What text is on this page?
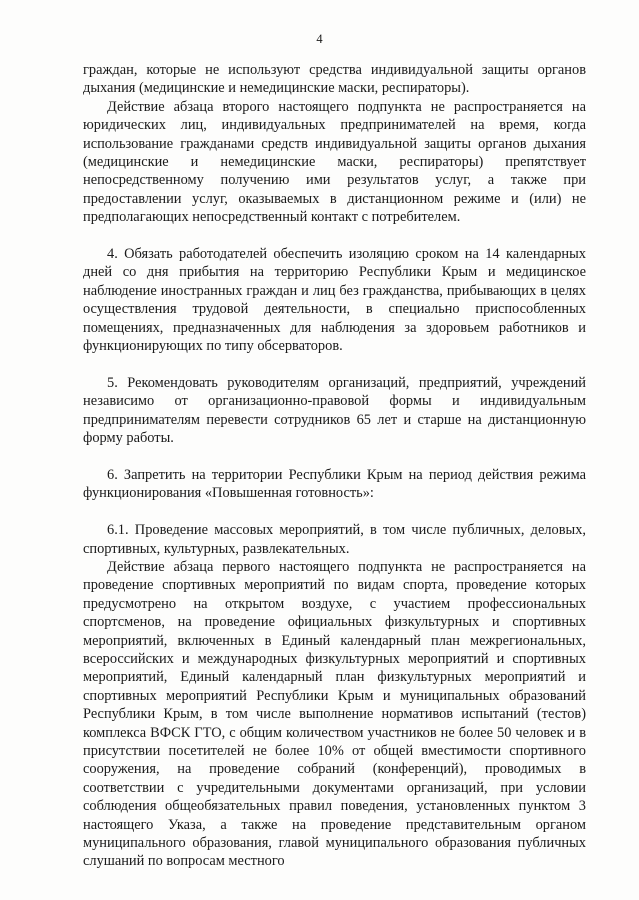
4

граждан, которые не используют средства индивидуальной защиты органов дыхания (медицинские и немедицинские маски, респираторы).

Действие абзаца второго настоящего подпункта не распространяется на юридических лиц, индивидуальных предпринимателей на время, когда использование гражданами средств индивидуальной защиты органов дыхания (медицинские и немедицинские маски, респираторы) препятствует непосредственному получению ими результатов услуг, а также при предоставлении услуг, оказываемых в дистанционном режиме и (или) не предполагающих непосредственный контакт с потребителем.

4. Обязать работодателей обеспечить изоляцию сроком на 14 календарных дней со дня прибытия на территорию Республики Крым и медицинское наблюдение иностранных граждан и лиц без гражданства, прибывающих в целях осуществления трудовой деятельности, в специально приспособленных помещениях, предназначенных для наблюдения за здоровьем работников и функционирующих по типу обсерваторов.

5. Рекомендовать руководителям организаций, предприятий, учреждений независимо от организационно-правовой формы и индивидуальным предпринимателям перевести сотрудников 65 лет и старше на дистанционную форму работы.

6. Запретить на территории Республики Крым на период действия режима функционирования «Повышенная готовность»:

6.1. Проведение массовых мероприятий, в том числе публичных, деловых, спортивных, культурных, развлекательных.

Действие абзаца первого настоящего подпункта не распространяется на проведение спортивных мероприятий по видам спорта, проведение которых предусмотрено на открытом воздухе, с участием профессиональных спортсменов, на проведение официальных физкультурных и спортивных мероприятий, включенных в Единый календарный план межрегиональных, всероссийских и международных физкультурных мероприятий и спортивных мероприятий, Единый календарный план физкультурных мероприятий и спортивных мероприятий Республики Крым и муниципальных образований Республики Крым, в том числе выполнение нормативов испытаний (тестов) комплекса ВФСК ГТО, с общим количеством участников не более 50 человек и в присутствии посетителей не более 10% от общей вместимости спортивного сооружения, на проведение собраний (конференций), проводимых в соответствии с учредительными документами организаций, при условии соблюдения общеобязательных правил поведения, установленных пунктом 3 настоящего Указа, а также на проведение представительным органом муниципального образования, главой муниципального образования публичных слушаний по вопросам местного
